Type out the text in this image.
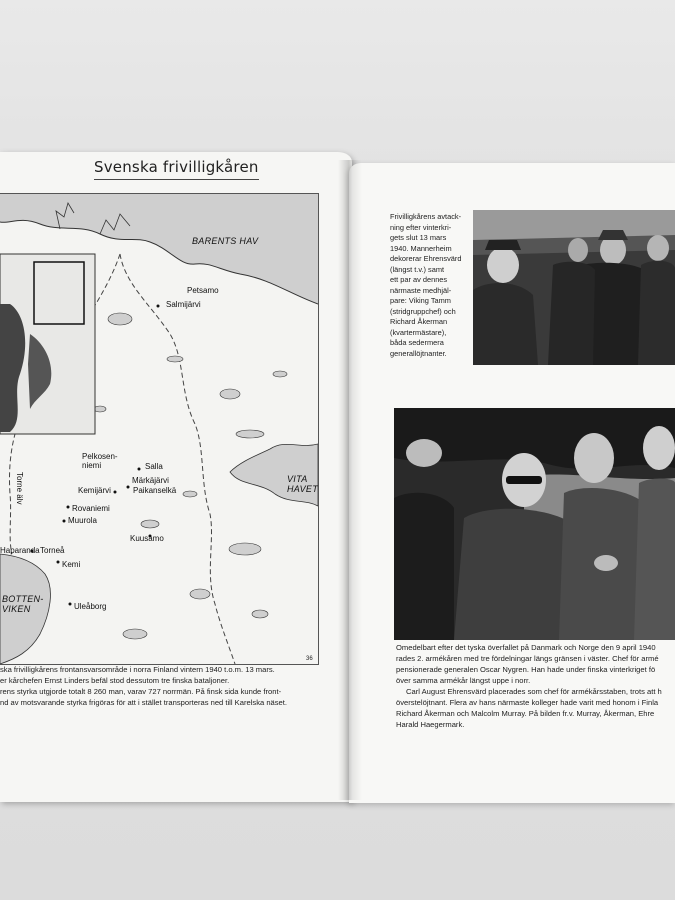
Svenska frivilligkåren
BARENTS HAV
Petsamo
Salmijärvi
Pelkosen-
niemi	Salla
Märkäjärvi
Paikanselkä
Kemijärvi
Rovaniemi
Muurola
VITA
HAVET
Kuusamo
Haparanda Torneå
Kemi
Torne älv
BOTTEN-
VIKEN	Uleåborg
36
ska frivilligkårens frontansvarsområde i norra Finland vintern 1940 t.o.m. 13 mars.
er kårchefen Ernst Linders befäl stod dessutom tre finska bataljoner.
rens styrka utgjorde totalt 8 260 man, varav 727 norrmän. På finsk sida kunde front-
nd av motsvarande styrka frigöras för att i stället transporteras ned till Karelska näset.
Frivilligkårens avtack-
ning efter vinterkri-
gets slut 13 mars
1940. Mannerheim
dekorerar Ehrensvärd
(längst t.v.) samt
ett par av dennes
närmaste medhjäl-
pare: Viking Tamm
(stridgruppchef) och
Richard Åkerman
(kvartermästare),
båda sedermera
generallöjtnanter.
Omedelbart efter det tyska överfallet på Danmark och Norge den 9 april 1940
rades 2. armékåren med tre fördelningar längs gränsen i väster. Chef för armé
pensionerade generalen Oscar Nygren. Han hade under finska vinterkriget fö
över samma armékår längst uppe i norr.
Carl August Ehrensvärd placerades som chef för armékårsstaben, trots att h
överstelöjtnant. Flera av hans närmaste kolleger hade varit med honom i Finla
Richard Åkerman och Malcolm Murray. På bilden fr.v. Murray, Åkerman, Ehre
Harald Haegermark.
